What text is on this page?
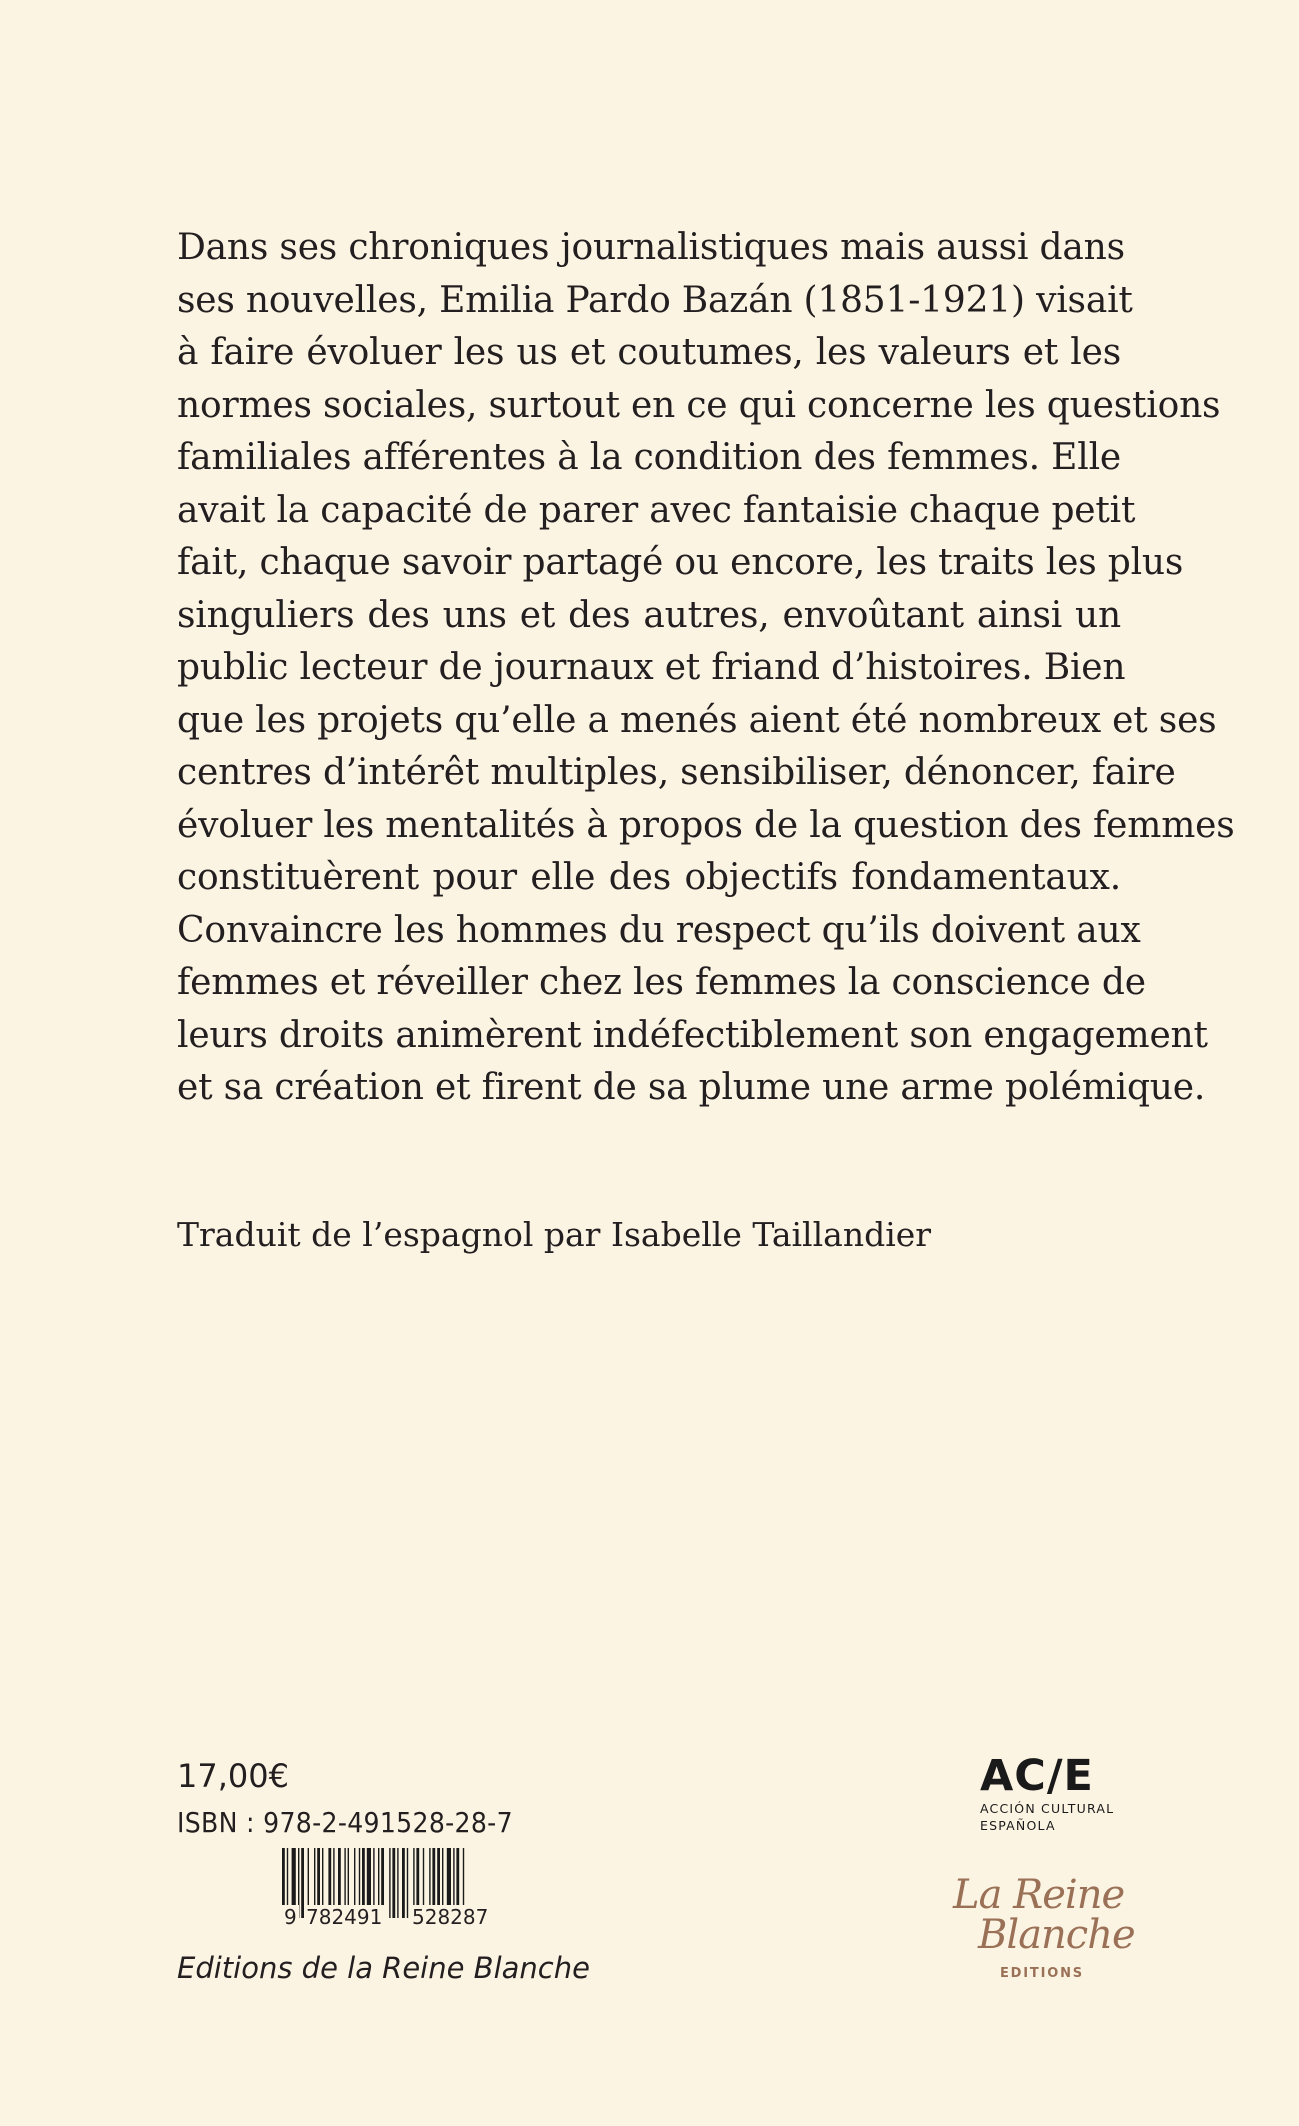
Dans ses chroniques journalistiques mais aussi dans
ses nouvelles, Emilia Pardo Bazán (1851-1921) visait
à faire évoluer les us et coutumes, les valeurs et les
normes sociales, surtout en ce qui concerne les questions
familiales afférentes à la condition des femmes. Elle
avait la capacité de parer avec fantaisie chaque petit
fait, chaque savoir partagé ou encore, les traits les plus
singuliers des uns et des autres, envoûtant ainsi un
public lecteur de journaux et friand d’histoires. Bien
que les projets qu’elle a menés aient été nombreux et ses
centres d’intérêt multiples, sensibiliser, dénoncer, faire
évoluer les mentalités à propos de la question des femmes
constituèrent pour elle des objectifs fondamentaux.
Convaincre les hommes du respect qu’ils doivent aux
femmes et réveiller chez les femmes la conscience de
leurs droits animèrent indéfectiblement son engagement
et sa création et firent de sa plume une arme polémique.

Traduit de l’espagnol par Isabelle Taillandier

17,00€

ISBN : 978-2-491528-28-7

9 782491 528287

Editions de la Reine Blanche

AC/E
ACCIÓN CULTURAL
ESPAÑOLA
La Reine
Blanche
EDITIONS
